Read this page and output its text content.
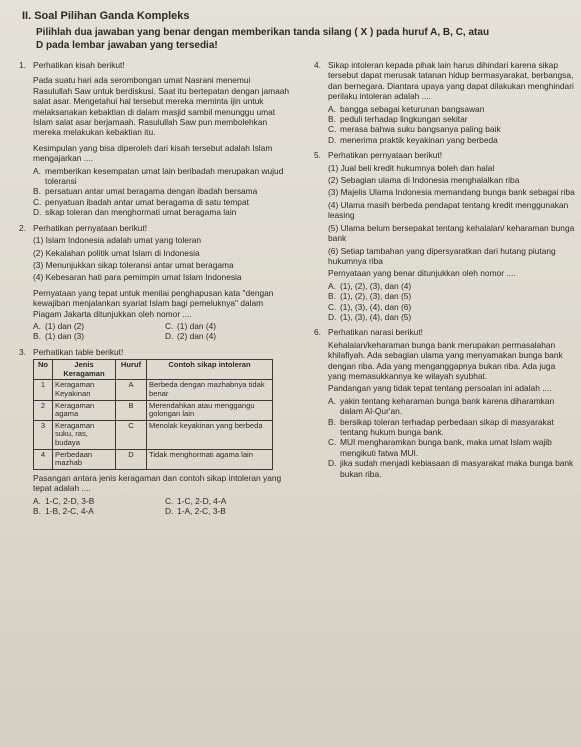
II. Soal Pilihan Ganda Kompleks
Pilihlah dua jawaban yang benar dengan memberikan tanda silang ( X ) pada huruf A, B, C, atau
D pada lembar jawaban yang tersedia!
1. Perhatikan kisah berikut!
Pada suatu hari ada serombongan umat Nasrani menemui Rasulullah Saw untuk berdiskusi. Saat itu bertepatan dengan jamaah salat asar. Mengetahui hal tersebut mereka meminta ijin untuk melaksanakan kebaktian di dalam masjid sambil menunggu umat Islam salat asar berjamaah. Rasulullah Saw pun membolehkan mereka melakukan kebaktian itu.
Kesimpulan yang bisa diperoleh dari kisah tersebut adalah Islam mengajarkan ....
A. memberikan kesempatan umat lain beribadah merupakan wujud toleransi
B. persatuan antar umat beragama dengan ibadah bersama
C. penyatuan ibadah antar umat beragama di satu tempat
D. sikap toleran dan menghormati umat beragama lain
2. Perhatikan pernyataan berikut!
(1) Islam Indonesia adalah umat yang toleran
(2) Kekalahan politik umat Islam di Indonesia
(3) Menunjukkan sikap toleransi antar umat beragama
(4) Kebesaran hati para pemimpin umat Islam Indonesia
Pernyataan yang tepat untuk menilai penghapusan kata "dengan kewajiban menjalankan syariat Islam bagi pemeluknya" dalam Piagam Jakarta ditunjukkan oleh nomor ....
A. (1) dan (2)	C. (1) dan (4)
B. (1) dan (3)	D. (2) dan (4)
3. Perhatikan table berikut!
No	Jenis Keragaman	Huruf	Contoh sikap intoleran
1	Keragaman Keyakinan	A	Berbeda dengan mazhabnya tidak benar
2	Keragaman agama	B	Merendahkan atau menggangu golongan lain
3	Keragaman suku, ras, budaya	C	Menolak keyakinan yang berbeda
4	Perbedaan mazhab	D	Tidak menghormati agama lain
Pasangan antara jenis keragaman dan contoh sikap intoleran yang tepat adalah ....
A. 1-C, 2-D, 3-B	C. 1-C, 2-D, 4-A
B. 1-B, 2-C, 4-A	D. 1-A, 2-C, 3-B
4. Sikap intoleran kepada pihak lain harus dihindari karena sikap tersebut dapat merusak tatanan hidup bermasyarakat, berbangsa, dan bernegara. Diantara upaya yang dapat dilakukan menghindari perilaku intoleran adalah ....
A. bangga sebagai keturunan bangsawan
B. peduli terhadap lingkungan sekitar
C. merasa bahwa suku bangsanya paling baik
D. menerima praktik keyakinan yang berbeda
5. Perhatikan pernyataan berikut!
(1) Jual beli kredit hukumnya boleh dan halal
(2) Sebagian ulama di Indonesia menghalalkan riba
(3) Majelis Ulama Indonesia memandang bunga bank sebagai riba
(4) Ulama masih berbeda pendapat tentang kredit menggunakan leasing
(5) Ulama belum bersepakat tentang kehalalan/ keharaman bunga bank
(6) Setiap tambahan yang dipersyaratkan dari hutang piutang hukumnya riba
Pernyataan yang benar ditunjukkan oleh nomor ....
A. (1), (2), (3), dan (4)
B. (1), (2), (3), dan (5)
C. (1), (3), (4), dan (6)
D. (1), (3), (4), dan (5)
6. Perhatikan narasi berikut!
Kehalalan/keharaman bunga bank merupakan permasalahan khilafiyah. Ada sebagian ulama yang menyamakan bunga bank dengan riba. Ada yang menganggapnya bukan riba. Ada juga yang memasukkannya ke wilayah syubhat.
Pandangan yang tidak tepat tentang persoalan ini adalah ....
A. yakin tentang keharaman bunga bank karena diharamkan dalam Al-Qur'an.
B. bersikap toleran terhadap perbedaan sikap di masyarakat tentang hukum bunga bank.
C. MUI mengharamkan bunga bank, maka umat Islam wajib mengikuti fatwa MUI.
D. jika sudah menjadi kebiasaan di masyarakat maka bunga bank bukan riba.
